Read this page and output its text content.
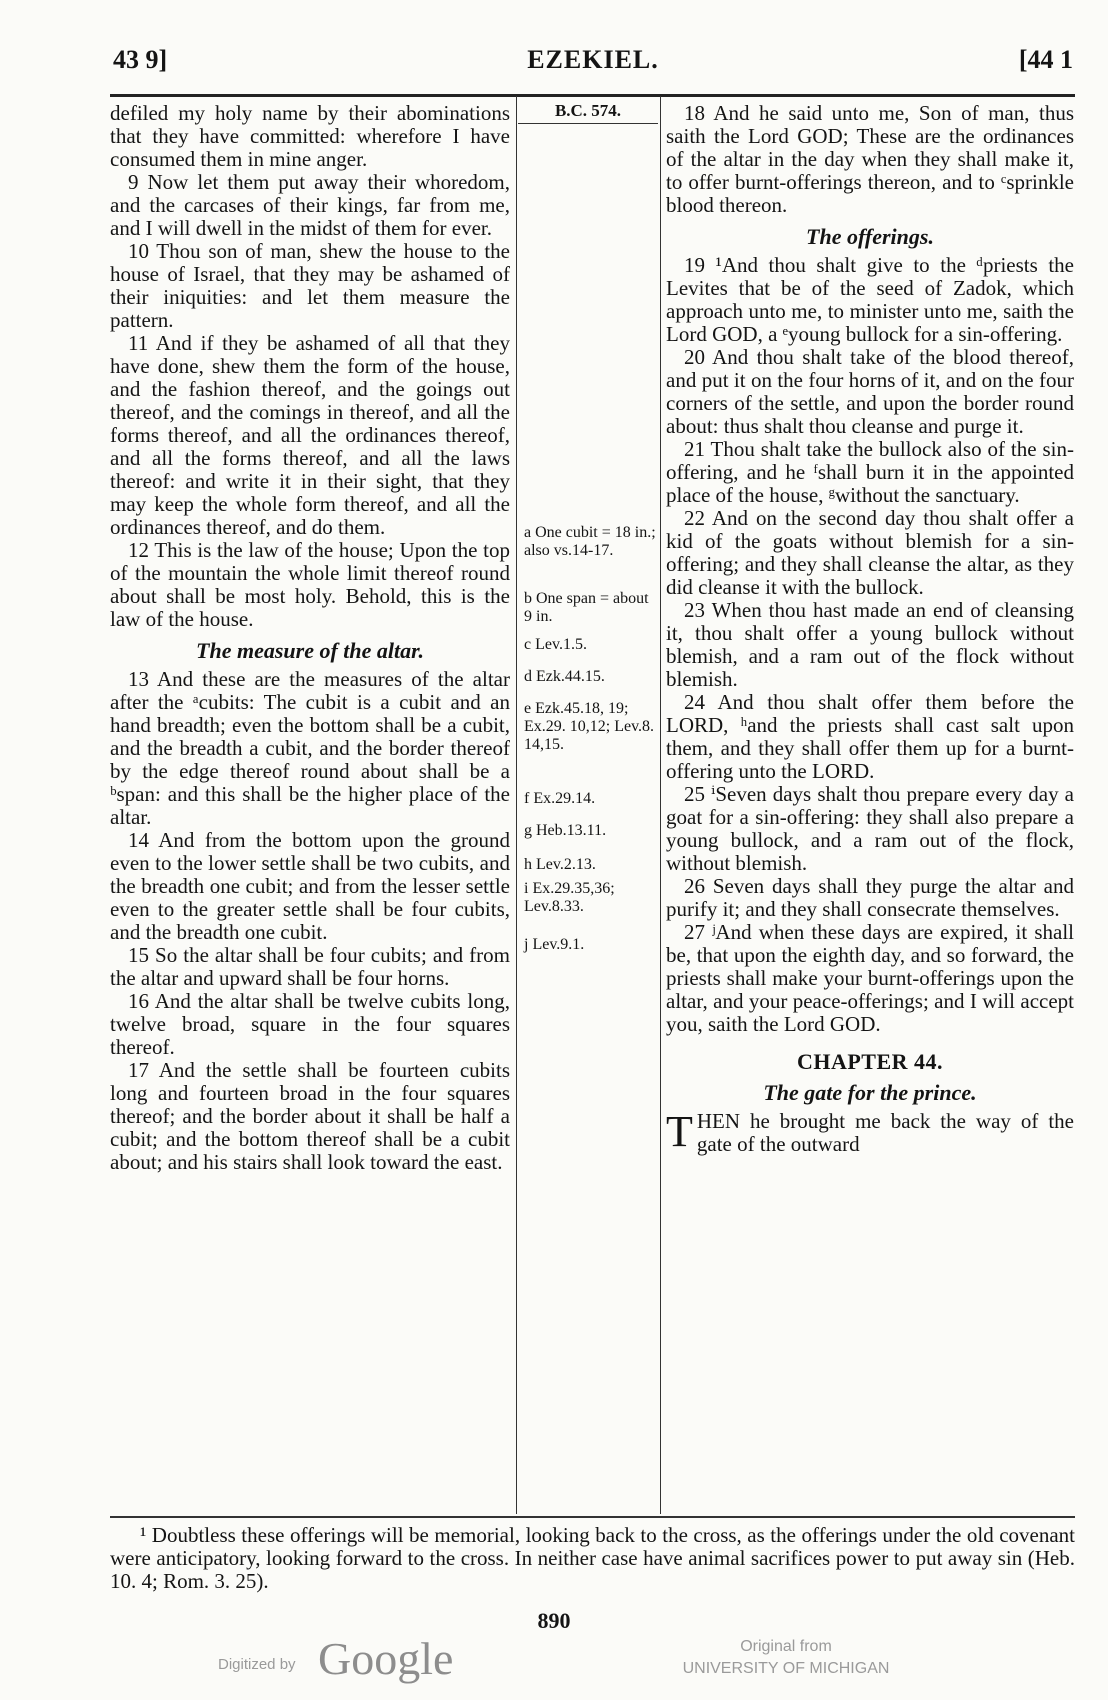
43 9]	EZEKIEL.	[44 1

defiled my holy name by their abominations that they have committed: wherefore I have consumed them in mine anger.

9 Now let them put away their whoredom, and the carcases of their kings, far from me, and I will dwell in the midst of them for ever.

10 Thou son of man, shew the house to the house of Israel, that they may be ashamed of their iniquities: and let them measure the pattern.

11 And if they be ashamed of all that they have done, shew them the form of the house, and the fashion thereof, and the goings out thereof, and the comings in thereof, and all the forms thereof, and all the ordinances thereof, and all the forms thereof, and all the laws thereof: and write it in their sight, that they may keep the whole form thereof, and all the ordinances thereof, and do them.

12 This is the law of the house; Upon the top of the mountain the whole limit thereof round about shall be most holy. Behold, this is the law of the house.

The measure of the altar.

13 And these are the measures of the altar after the ᵃcubits: The cubit is a cubit and an hand breadth; even the bottom shall be a cubit, and the breadth a cubit, and the border thereof by the edge thereof round about shall be a ᵇspan: and this shall be the higher place of the altar.

14 And from the bottom upon the ground even to the lower settle shall be two cubits, and the breadth one cubit; and from the lesser settle even to the greater settle shall be four cubits, and the breadth one cubit.

15 So the altar shall be four cubits; and from the altar and upward shall be four horns.

16 And the altar shall be twelve cubits long, twelve broad, square in the four squares thereof.

17 And the settle shall be fourteen cubits long and fourteen broad in the four squares thereof; and the border about it shall be half a cubit; and the bottom thereof shall be a cubit about; and his stairs shall look toward the east.

B.C. 574.
a One cubit = 18 in.; also vs.14-17.
b One span = about 9 in.
c Lev.1.5.
d Ezk.44.15.
e Ezk.45.18, 19; Ex.29. 10,12; Lev.8. 14,15.
f Ex.29.14.
g Heb.13.11.
h Lev.2.13.
i Ex.29.35,36; Lev.8.33.
j Lev.9.1.

18 And he said unto me, Son of man, thus saith the Lord GOD; These are the ordinances of the altar in the day when they shall make it, to offer burnt-offerings thereon, and to ᶜsprinkle blood thereon.

The offerings.

19 ¹And thou shalt give to the ᵈpriests the Levites that be of the seed of Zadok, which approach unto me, to minister unto me, saith the Lord GOD, a ᵉyoung bullock for a sin-offering.

20 And thou shalt take of the blood thereof, and put it on the four horns of it, and on the four corners of the settle, and upon the border round about: thus shalt thou cleanse and purge it.

21 Thou shalt take the bullock also of the sin-offering, and he ᶠshall burn it in the appointed place of the house, ᵍwithout the sanctuary.

22 And on the second day thou shalt offer a kid of the goats without blemish for a sin-offering; and they shall cleanse the altar, as they did cleanse it with the bullock.

23 When thou hast made an end of cleansing it, thou shalt offer a young bullock without blemish, and a ram out of the flock without blemish.

24 And thou shalt offer them before the LORD, ʰand the priests shall cast salt upon them, and they shall offer them up for a burnt-offering unto the LORD.

25 ⁱSeven days shalt thou prepare every day a goat for a sin-offering: they shall also prepare a young bullock, and a ram out of the flock, without blemish.

26 Seven days shall they purge the altar and purify it; and they shall consecrate themselves.

27 ʲAnd when these days are expired, it shall be, that upon the eighth day, and so forward, the priests shall make your burnt-offerings upon the altar, and your peace-offerings; and I will accept you, saith the Lord GOD.

CHAPTER 44.

The gate for the prince.

THEN he brought me back the way of the gate of the outward

¹ Doubtless these offerings will be memorial, looking back to the cross, as the offerings under the old covenant were anticipatory, looking forward to the cross. In neither case have animal sacrifices power to put away sin (Heb. 10. 4; Rom. 3. 25).
890
Digitized by Google	Original from
UNIVERSITY OF MICHIGAN
